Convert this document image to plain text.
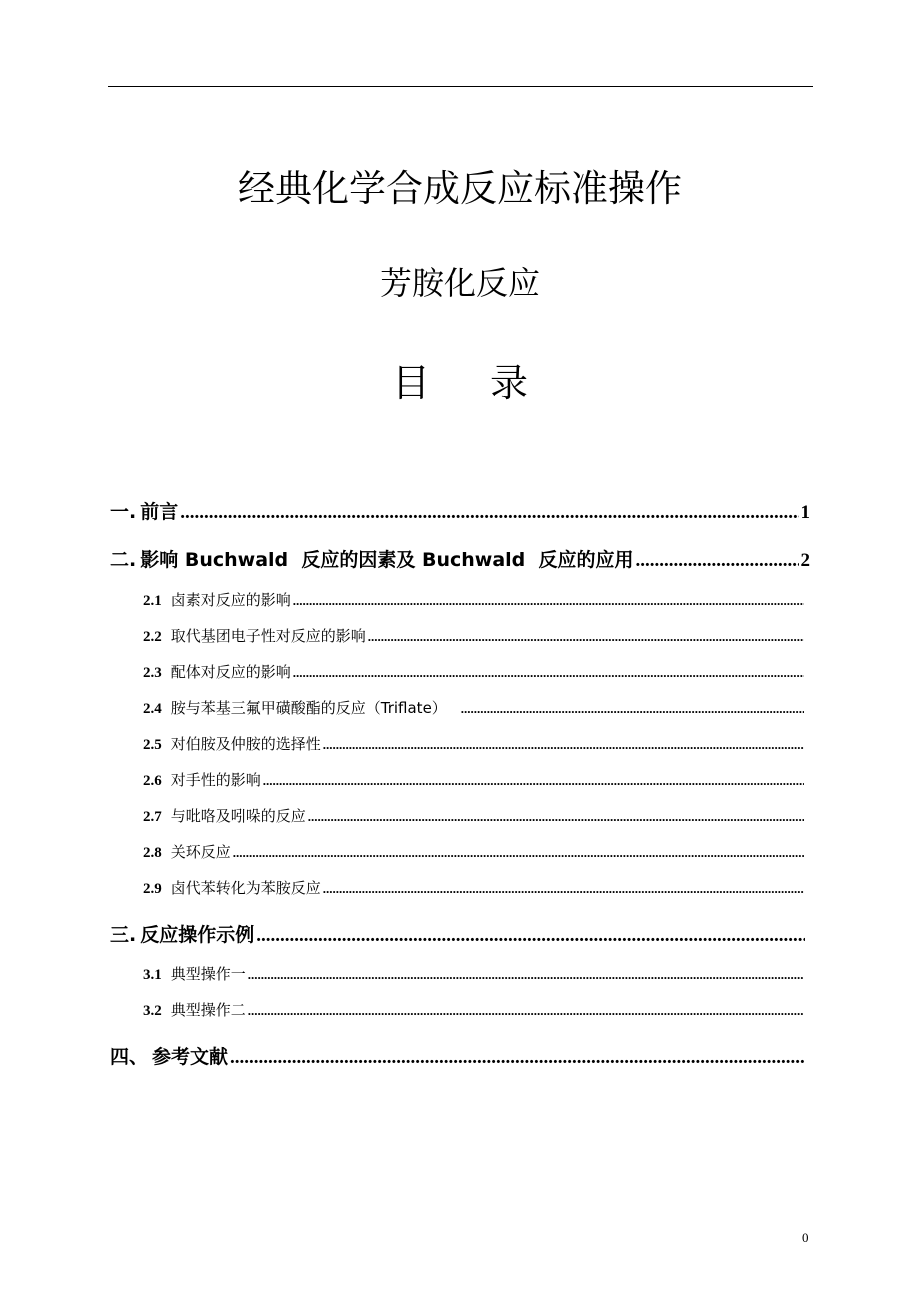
经典化学合成反应标准操作
芳胺化反应
目录
一 . 前言 .....	1
二 . 影响 Buchwald  反应的因素及 Buchwald  反应的应用 .....	2
2.1 卤素对反应的影响
.....
2.2 取代基团电子性对反应的影响
.....
2.3 配体对反应的影响
.....
2.4 胺与苯基三氟甲磺酸酯的反应（Triflate）
.....
2.5 对伯胺及仲胺的选择性
.....
2.6 对手性的影响
.....
2.7 与吡咯及吲哚的反应
.....
2.8 关环反应
.....
2.9 卤代苯转化为苯胺反应
.....
三 . 反应操作示例
.....
3.1 典型操作一
.....
3.2 典型操作二
.....
四 、 参考文献
.....
0
